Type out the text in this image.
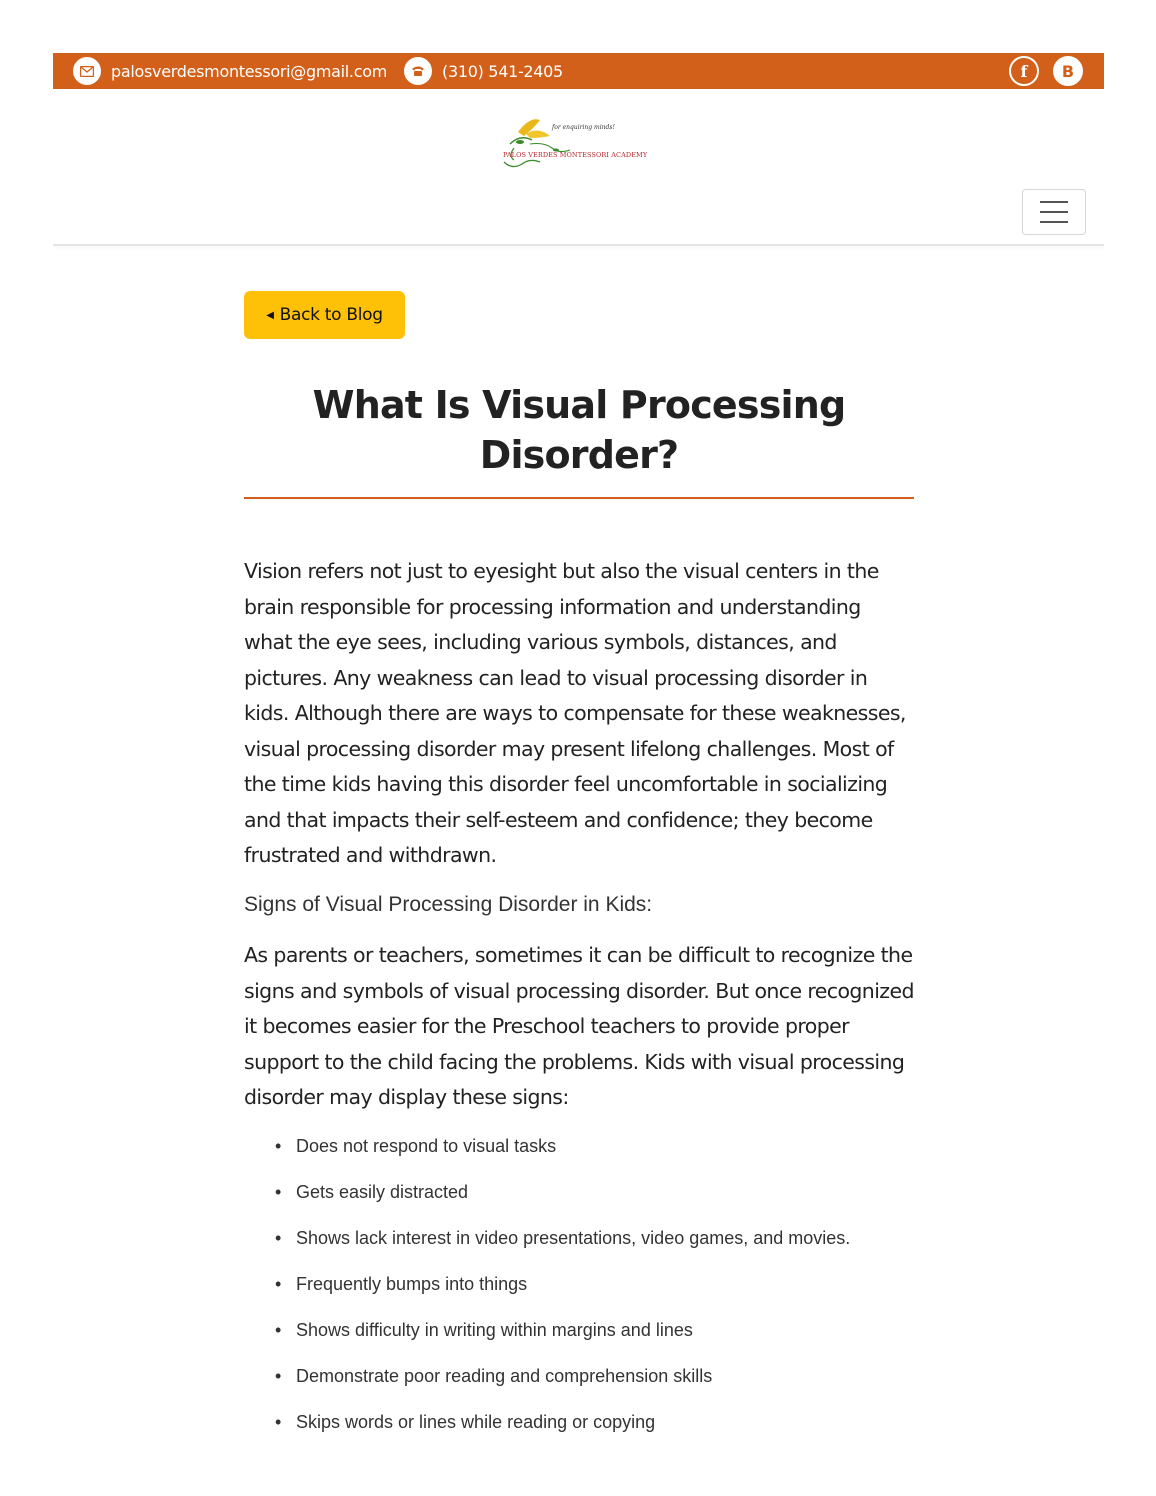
palosverdesmontessori@gmail.com	(310) 541-2405	f B
for enquiring minds!
PALOS VERDES MONTESSORI ACADEMY
◀ Back to Blog
What Is Visual Processing Disorder?

Vision refers not just to eyesight but also the visual centers in the brain responsible for processing information and understanding what the eye sees, including various symbols, distances, and pictures. Any weakness can lead to visual processing disorder in kids. Although there are ways to compensate for these weaknesses, visual processing disorder may present lifelong challenges. Most of the time kids having this disorder feel uncomfortable in socializing and that impacts their self-esteem and confidence; they become frustrated and withdrawn.

Signs of Visual Processing Disorder in Kids:

As parents or teachers, sometimes it can be difficult to recognize the signs and symbols of visual processing disorder. But once recognized it becomes easier for the Preschool teachers to provide proper support to the child facing the problems. Kids with visual processing disorder may display these signs:

• Does not respond to visual tasks
• Gets easily distracted
• Shows lack interest in video presentations, video games, and movies.
• Frequently bumps into things
• Shows difficulty in writing within margins and lines
• Demonstrate poor reading and comprehension skills
• Skips words or lines while reading or copying
